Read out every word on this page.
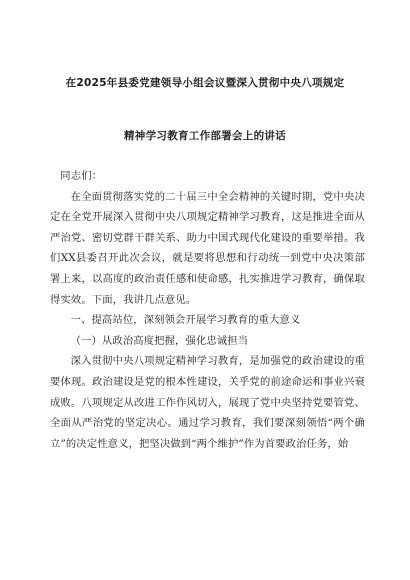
在2025年县委党建领导小组会议暨深入贯彻中央八项规定
精神学习教育工作部署会上的讲话

同志们：

在全面贯彻落实党的二十届三中全会精神的关键时期，党中央决定在全党开展深入贯彻中央八项规定精神学习教育，这是推进全面从严治党、密切党群干群关系、助力中国式现代化建设的重要举措。我们XX县委召开此次会议，就是要将思想和行动统一到党中央决策部署上来，以高度的政治责任感和使命感，扎实推进学习教育，确保取得实效。下面，我讲几点意见。

一、提高站位，深刻领会开展学习教育的重大意义

（一）从政治高度把握，强化忠诚担当

深入贯彻中央八项规定精神学习教育，是加强党的政治建设的重要体现。政治建设是党的根本性建设，关乎党的前途命运和事业兴衰成败。八项规定从改进工作作风切入，展现了党中央坚持党要管党、全面从严治党的坚定决心。通过学习教育，我们要深刻领悟“两个确立”的决定性意义，把坚决做到“两个维护”作为首要政治任务，始
